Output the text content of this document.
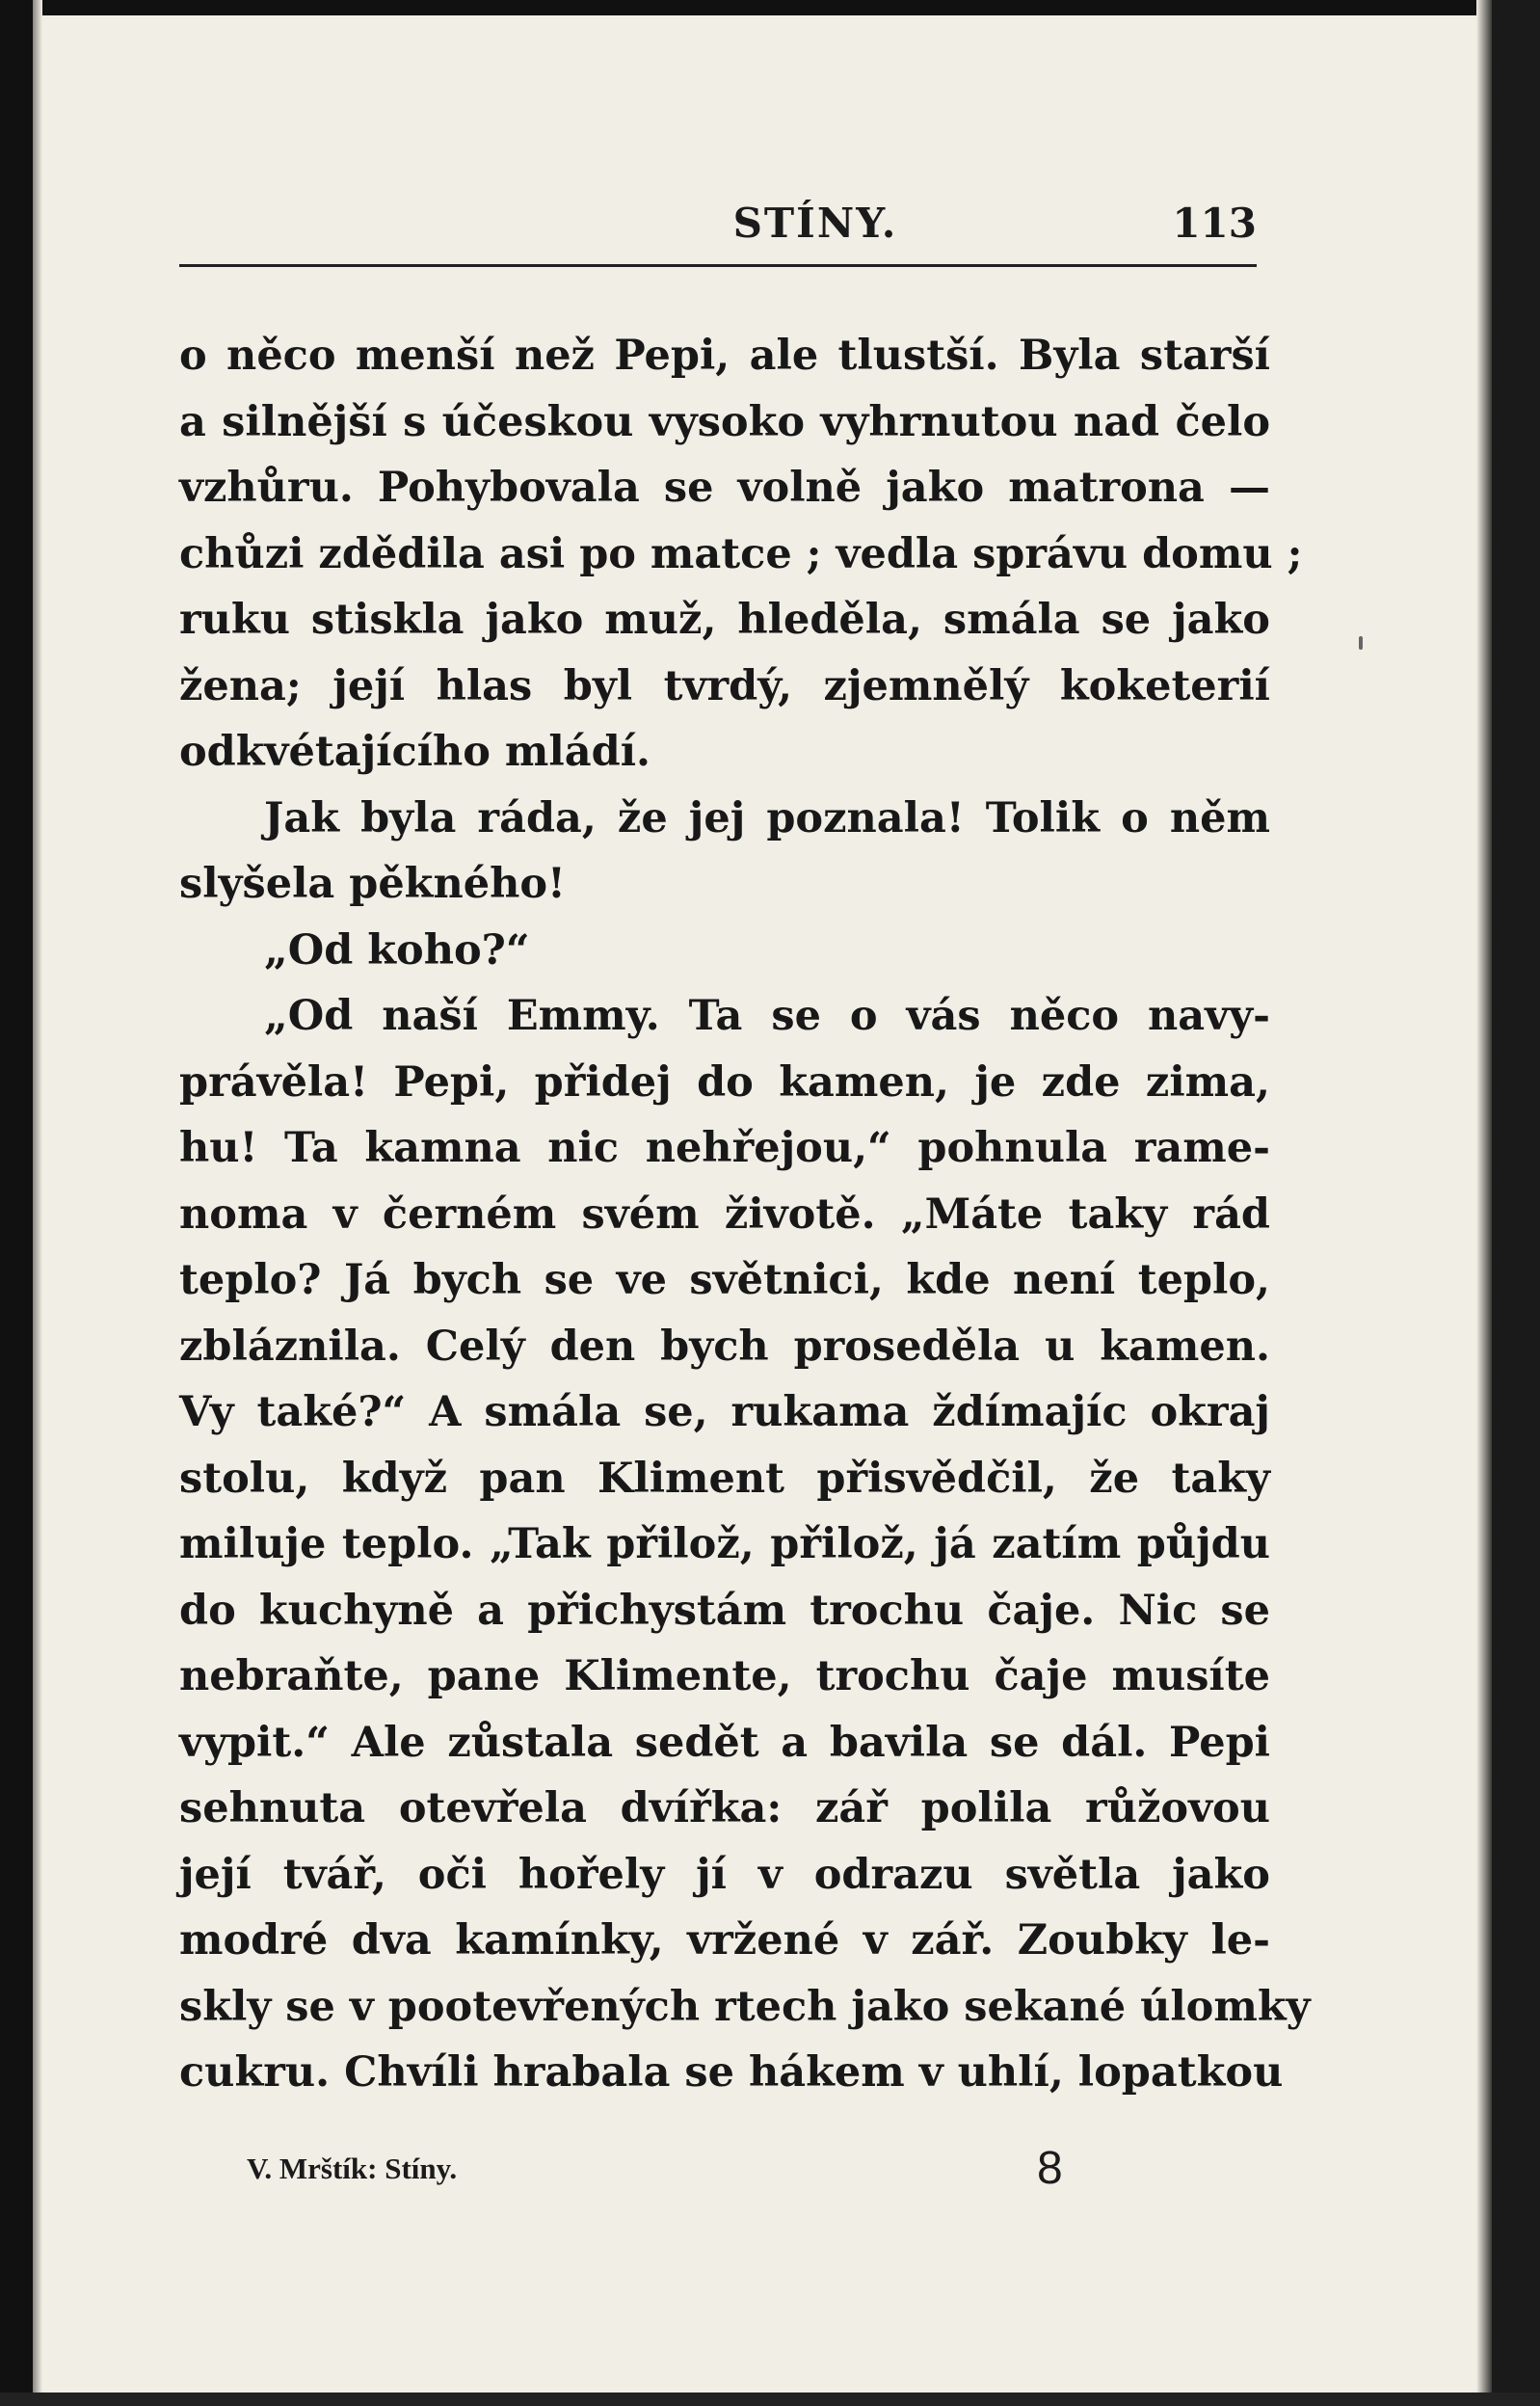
STÍNY.	113
o něco menší než Pepi, ale tlustší. Byla starší
a silnější s účeskou vysoko vyhrnutou nad čelo
vzhůru. Pohybovala se volně jako matrona —
chůzi zdědila asi po matce ; vedla správu domu ;
ruku stiskla jako muž, hleděla, smála se jako
žena; její hlas byl tvrdý, zjemnělý koketerií
odkvétajícího mládí.
Jak byla ráda, že jej poznala! Tolik o něm
slyšela pěkného!
„Od koho?“
„Od naší Emmy. Ta se o vás něco navy-
právěla! Pepi, přidej do kamen, je zde zima,
hu! Ta kamna nic nehřejou,“ pohnula rame-
noma v černém svém životě. „Máte taky rád
teplo? Já bych se ve světnici, kde není teplo,
zbláznila. Celý den bych proseděla u kamen.
Vy také?“ A smála se, rukama ždímajíc okraj
stolu, když pan Kliment přisvědčil, že taky
miluje teplo. „Tak přilož, přilož, já zatím půjdu
do kuchyně a přichystám trochu čaje. Nic se
nebraňte, pane Klimente, trochu čaje musíte
vypit.“ Ale zůstala sedět a bavila se dál. Pepi
sehnuta otevřela dvířka: zář polila růžovou
její tvář, oči hořely jí v odrazu světla jako
modré dva kamínky, vržené v zář. Zoubky le-
skly se v pootevřených rtech jako sekané úlomky
cukru. Chvíli hrabala se hákem v uhlí, lopatkou
V. Mrštík: Stíny.	8
